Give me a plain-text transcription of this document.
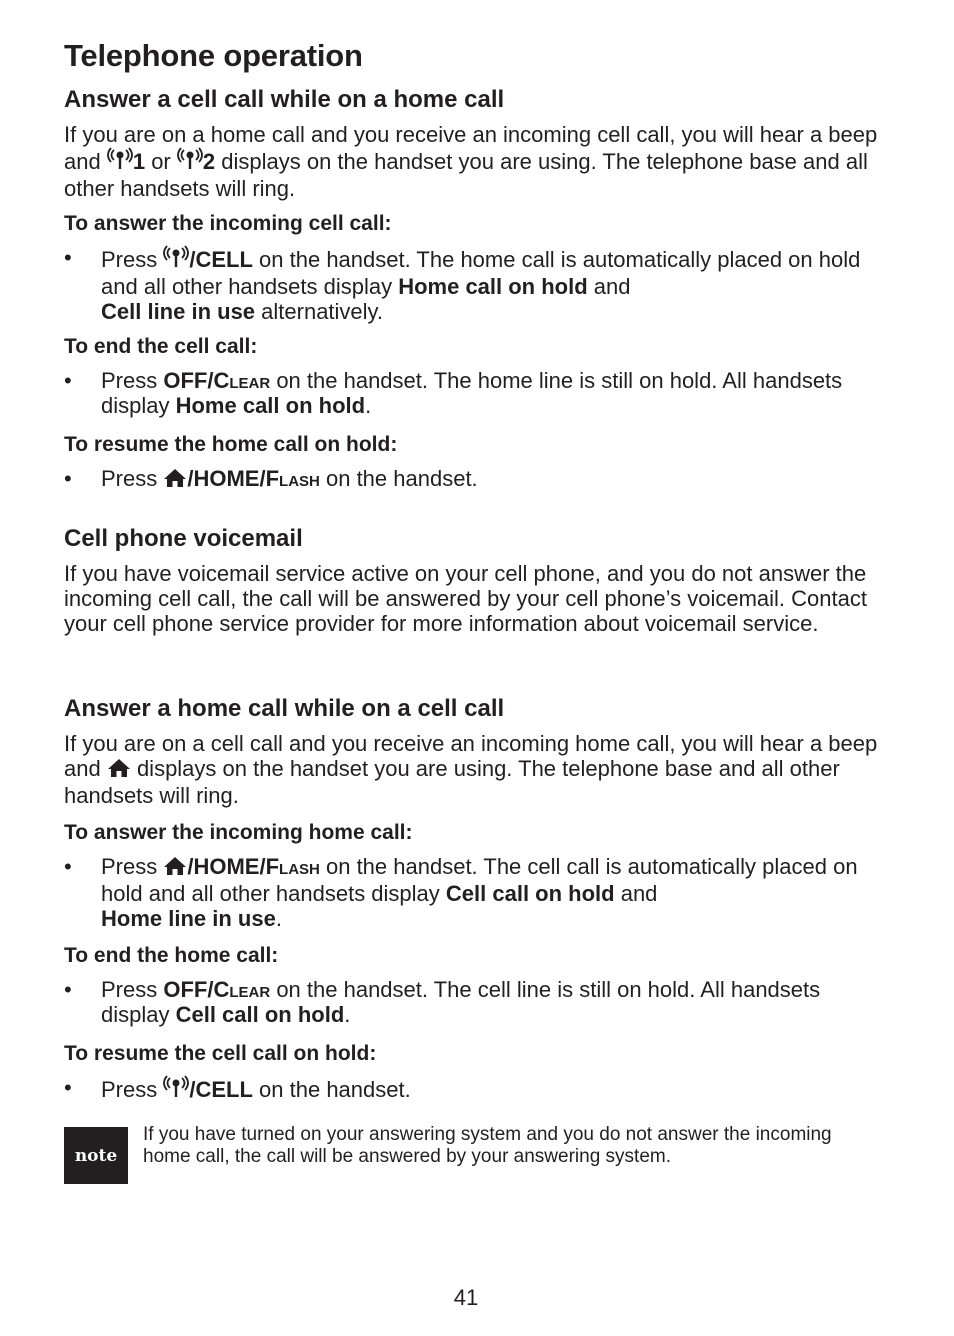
Telephone operation
Answer a cell call while on a home call

If you are on a home call and you receive an incoming cell call, you will hear a beep and 1 or 2 displays on the handset you are using. The telephone base and all other handsets will ring.

To answer the incoming cell call:
• Press /CELL on the handset. The home call is automatically placed on hold and all other handsets display Home call on hold and
Cell line in use alternatively.
To end the cell call:
• Press OFF/Clear on the handset. The home line is still on hold. All handsets display Home call on hold.
To resume the home call on hold:
• Press /HOME/Flash on the handset.
Cell phone voicemail

If you have voicemail service active on your cell phone, and you do not answer the incoming cell call, the call will be answered by your cell phone’s voicemail. Contact your cell phone service provider for more information about voicemail service.

Answer a home call while on a cell call

If you are on a cell call and you receive an incoming home call, you will hear a beep and  displays on the handset you are using. The telephone base and all other handsets will ring.

To answer the incoming home call:
• Press /HOME/Flash on the handset. The cell call is automatically placed on hold and all other handsets display Cell call on hold and
Home line in use.
To end the home call:
• Press OFF/Clear on the handset. The cell line is still on hold. All handsets display Cell call on hold.
To resume the cell call on hold:
• Press /CELL on the handset.
note

If you have turned on your answering system and you do not answer the incoming home call, the call will be answered by your answering system.

41
